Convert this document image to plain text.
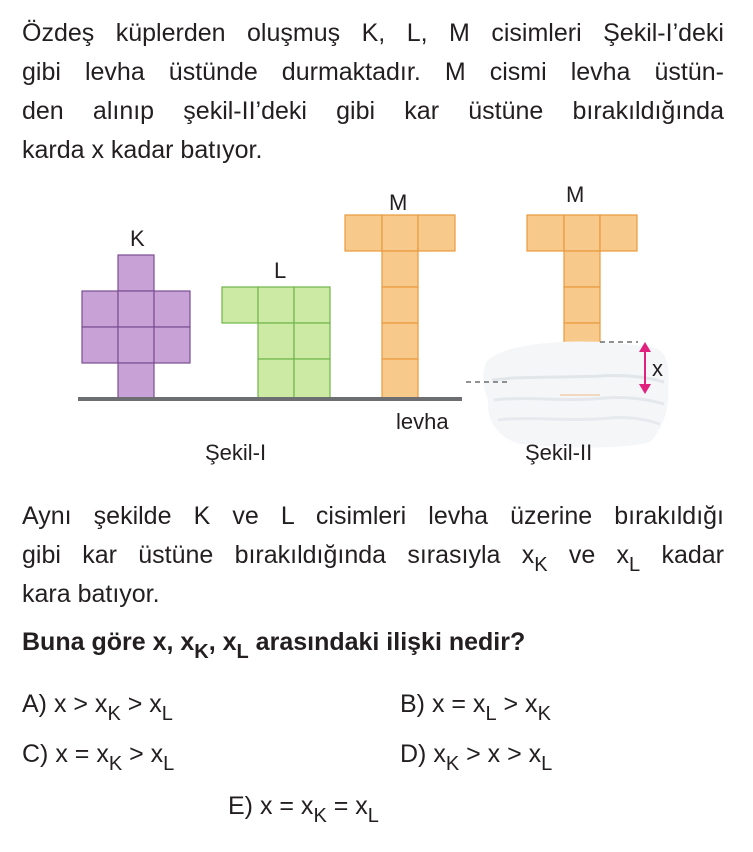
Özdeş küplerden oluşmuş K, L, M cisimleri Şekil-I’deki
gibi levha üstünde durmaktadır. M cismi levha üstün-
den alınıp şekil-II’deki gibi kar üstüne bırakıldığında
karda x kadar batıyor.
K
L
M
levha
Şekil-I
M
x
Şekil-II
Aynı şekilde K ve L cisimleri levha üzerine bırakıldığı
gibi kar üstüne bırakıldığında sırasıyla $x_K$ ve $x_L$ kadar
kara batıyor.
Buna göre x, $x_K$, $x_L$ arasındaki ilişki nedir?
A) $x > x_K > x_L$	B) $x = x_L > x_K$
C) $x = x_K > x_L$	D) $x_K > x > x_L$
E) $x = x_K = x_L$
